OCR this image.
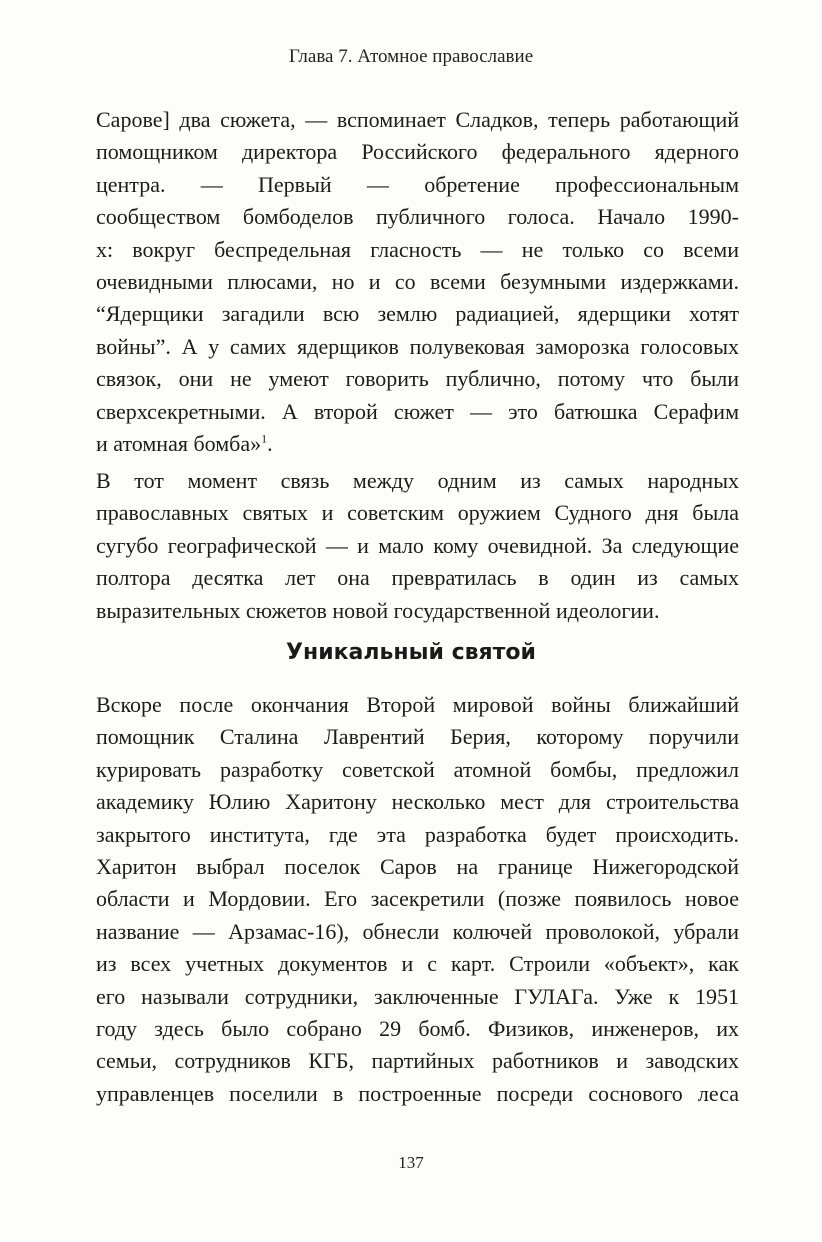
Глава 7. Атомное православие
Сарове] два сюжета, — вспоминает Сладков, теперь работающий
помощником директора Российского федерального ядерного
центра. — Первый — обретение профессиональным
сообществом бомбоделов публичного голоса. Начало 1990-
х: вокруг беспредельная гласность — не только со всеми
очевидными плюсами, но и со всеми безумными издержками.
“Ядерщики загадили всю землю радиацией, ядерщики хотят
войны”. А у самих ядерщиков полувековая заморозка голосовых
связок, они не умеют говорить публично, потому что были
сверхсекретными. А второй сюжет — это батюшка Серафим
и атомная бомба»$^1$.
В тот момент связь между одним из самых народных
православных святых и советским оружием Судного дня была
сугубо географической — и мало кому очевидной. За следующие
полтора десятка лет она превратилась в один из самых
выразительных сюжетов новой государственной идеологии.
Уникальный святой
Вскоре после окончания Второй мировой войны ближайший
помощник Сталина Лаврентий Берия, которому поручили
курировать разработку советской атомной бомбы, предложил
академику Юлию Харитону несколько мест для строительства
закрытого института, где эта разработка будет происходить.
Харитон выбрал поселок Саров на границе Нижегородской
области и Мордовии. Его засекретили (позже появилось новое
название — Арзамас-16), обнесли колючей проволокой, убрали
из всех учетных документов и с карт. Строили «объект», как
его называли сотрудники, заключенные ГУЛАГа. Уже к 1951
году здесь было собрано 29 бомб. Физиков, инженеров, их
семьи, сотрудников КГБ, партийных работников и заводских
управленцев поселили в построенные посреди соснового леса
137
